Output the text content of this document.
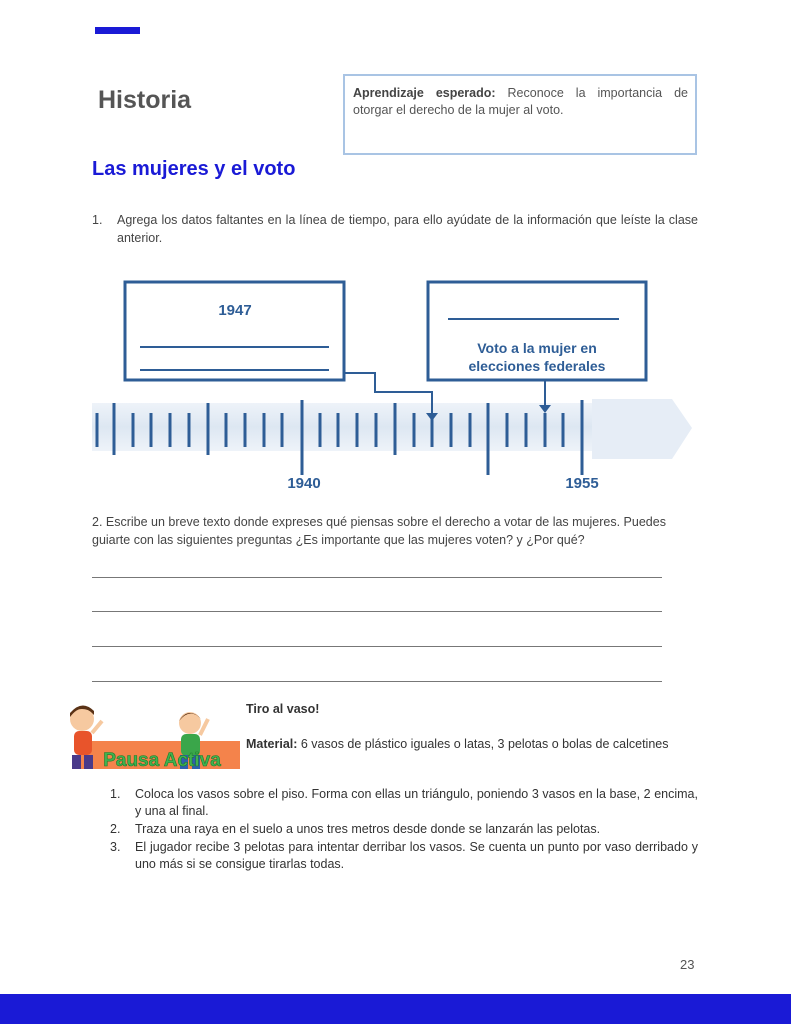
Historia	Aprendizaje esperado: Reconoce la importancia de otorgar el derecho de la mujer al voto.
Las mujeres y el voto
1. Agrega los datos faltantes en la línea de tiempo, para ello ayúdate de la información que leíste la clase anterior.
1947
Voto a la mujer en
elecciones federales
1940	1955
2. Escribe un breve texto donde expreses qué piensas sobre el derecho a votar de las mujeres. Puedes guiarte con las siguientes preguntas ¿Es importante que las mujeres voten? y ¿Por qué?
Pausa Activa
Tiro al vaso!
Material: 6 vasos de plástico iguales o latas, 3 pelotas o bolas de calcetines
1. Coloca los vasos sobre el piso. Forma con ellas un triángulo, poniendo 3 vasos en la base, 2 encima, y una al final.
2. Traza una raya en el suelo a unos tres metros desde donde se lanzarán las pelotas.
3. El jugador recibe 3 pelotas para intentar derribar los vasos. Se cuenta un punto por vaso derribado y uno más si se consigue tirarlas todas.
23
